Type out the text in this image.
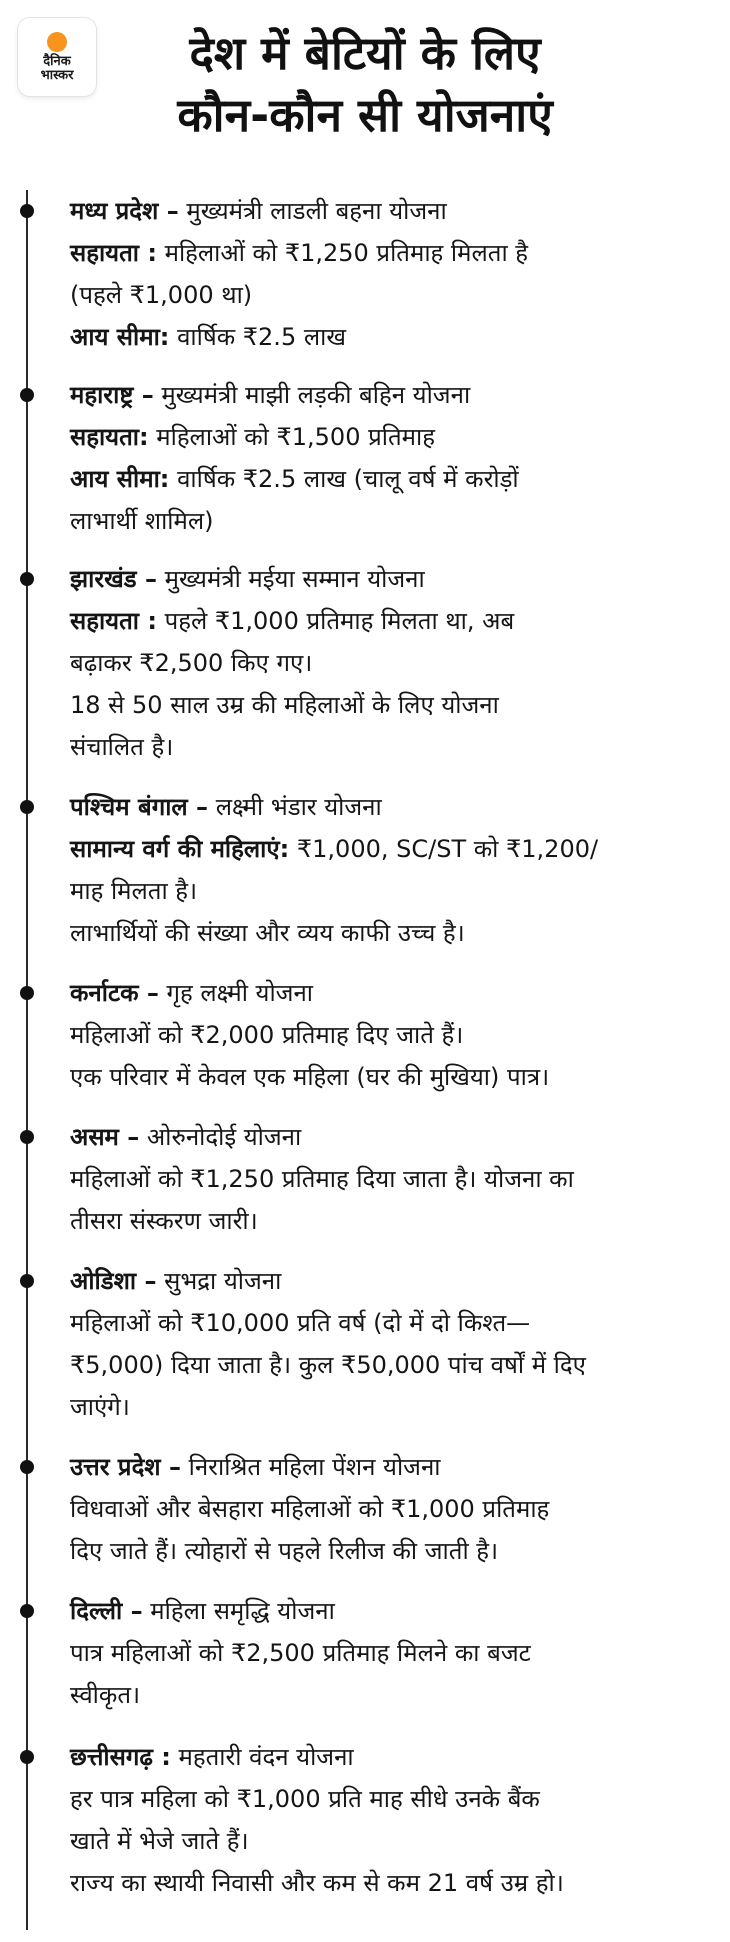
दैनिक
भास्कर	देश में बेटियों के लिए
कौन-कौन सी योजनाएं
मध्य प्रदेश – मुख्यमंत्री लाडली बहना योजना
सहायता : महिलाओं को ₹1,250 प्रतिमाह मिलता है
(पहले ₹1,000 था)
आय सीमा: वार्षिक ₹2.5 लाख
महाराष्ट्र – मुख्यमंत्री माझी लड़की बहिन योजना
सहायता: महिलाओं को ₹1,500 प्रतिमाह
आय सीमा: वार्षिक ₹2.5 लाख (चालू वर्ष में करोड़ों
लाभार्थी शामिल)
झारखंड – मुख्यमंत्री मईया सम्मान योजना
सहायता : पहले ₹1,000 प्रतिमाह मिलता था, अब
बढ़ाकर ₹2,500 किए गए।
18 से 50 साल उम्र की महिलाओं के लिए योजना
संचालित है।
पश्चिम बंगाल – लक्ष्मी भंडार योजना
सामान्य वर्ग की महिलाएं: ₹1,000, SC/ST को ₹1,200/
माह मिलता है।
लाभार्थियों की संख्या और व्यय काफी उच्च है।
कर्नाटक – गृह लक्ष्मी योजना
महिलाओं को ₹2,000 प्रतिमाह दिए जाते हैं।
एक परिवार में केवल एक महिला (घर की मुखिया) पात्र।
असम – ओरुनोदोई योजना
महिलाओं को ₹1,250 प्रतिमाह दिया जाता है। योजना का
तीसरा संस्करण जारी।
ओडिशा – सुभद्रा योजना
महिलाओं को ₹10,000 प्रति वर्ष (दो में दो किश्त—
₹5,000) दिया जाता है। कुल ₹50,000 पांच वर्षों में दिए
जाएंगे।
उत्तर प्रदेश – निराश्रित महिला पेंशन योजना
विधवाओं और बेसहारा महिलाओं को ₹1,000 प्रतिमाह
दिए जाते हैं। त्योहारों से पहले रिलीज की जाती है।
दिल्ली – महिला समृद्धि योजना
पात्र महिलाओं को ₹2,500 प्रतिमाह मिलने का बजट
स्वीकृत।
छत्तीसगढ़ : महतारी वंदन योजना
हर पात्र महिला को ₹1,000 प्रति माह सीधे उनके बैंक
खाते में भेजे जाते हैं।
राज्य का स्थायी निवासी और कम से कम 21 वर्ष उम्र हो।
